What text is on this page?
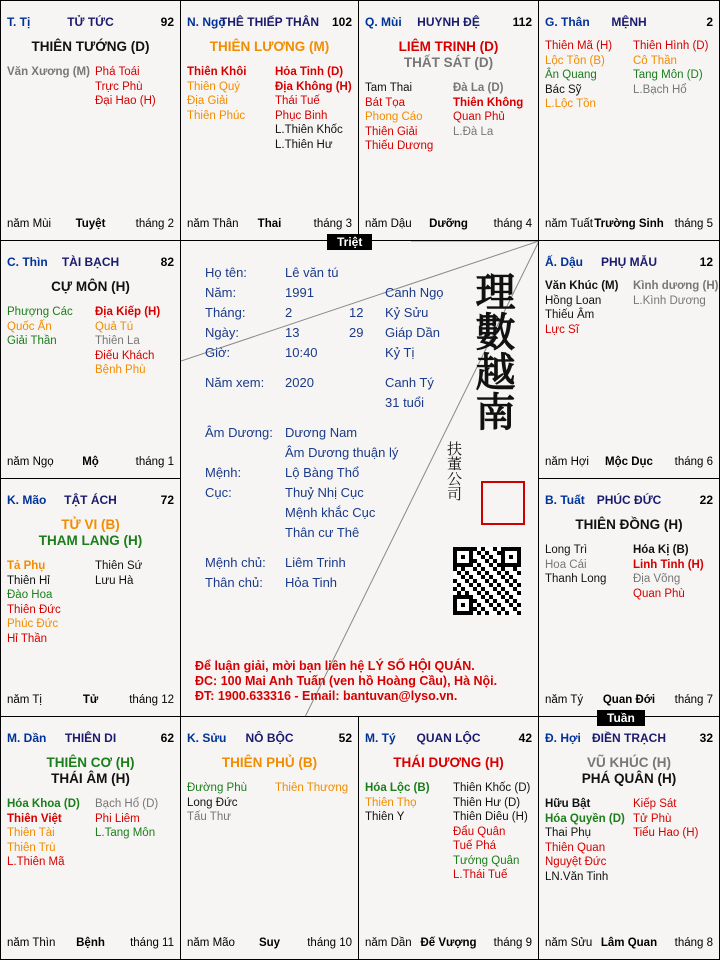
TỬ TỨC
T. Tị	92
THIÊN TƯỚNG (D)
Văn Xương (M) Phá Toái
Trực Phù
Đại Hao (H)
năm Mùi	Tuyệt	tháng 2
THÊ THIẾP THÂN
N. Ngọ	102
THIÊN LƯƠNG (M)
Thiên Khôi
Thiên Quý
Địa Giải
Thiên Phúc
Hỏa Tinh (D)
Địa Không (H)
Thái Tuế
Phục Binh
L.Thiên Khốc
L.Thiên Hư
năm Thân	Thai	tháng 3
HUYNH ĐỆ
Q. Mùi	112
LIÊM TRINH (D)
THẤT SÁT (D)
Tam Thai
Bát Tọa
Phong Cáo
Thiên Giải
Thiếu Dương
Đà La (D)
Thiên Không
Quan Phủ
L.Đà La
năm Dậu	Dưỡng	tháng 4
MỆNH
G. Thân	2
Thiên Mã (H)
Lộc Tồn (B)
Ân Quang
Bác Sỹ
L.Lộc Tồn
Thiên Hình (D)
Cô Thần
Tang Môn (D)
L.Bạch Hổ
năm Tuất Trường Sinh tháng 5
TÀI BẠCH
C. Thìn	82
CỰ MÔN (H)
Phượng Các
Quốc Ấn
Giải Thần
Địa Kiếp (H)
Quả Tú
Thiên La
Điếu Khách
Bệnh Phù
năm Ngọ	Mộ	tháng 1
PHỤ MẪU
Ấ. Dậu	12
Văn Khúc (M)
Hồng Loan
Thiếu Âm
Lực Sĩ
Kình dương (H)
L.Kình Dương
năm Hợi	Mộc Dục	tháng 6
TẬT ÁCH
K. Mão	72
TỬ VI (B)
THAM LANG (H)
Tả Phụ
Thiên Hỉ
Đào Hoa
Thiên Đức
Phúc Đức
Hỉ Thần
Thiên Sứ
Lưu Hà
năm Tị	Tử	tháng 12
PHÚC ĐỨC
B. Tuất	22
THIÊN ĐỒNG (H)
Long Trì
Hoa Cái
Thanh Long
Hóa Kị (B)
Linh Tinh (H)
Địa Võng
Quan Phù
năm Tý	Quan Đới	tháng 7
THIÊN DI
M. Dần	62
THIÊN CƠ (H)
THÁI ÂM (H)
Hóa Khoa (D)
Thiên Việt
Thiên Tài
Thiên Trù
L.Thiên Mã
Bạch Hổ (D)
Phi Liêm
L.Tang Môn
năm Thìn	Bệnh	tháng 11
NÔ BỘC
K. Sửu	52
THIÊN PHỦ (B)
Đường Phù
Long Đức
Tấu Thư
Thiên Thương
năm Mão	Suy	tháng 10
QUAN LỘC
M. Tý	42
THÁI DƯƠNG (H)
Hóa Lộc (B)
Thiên Thọ
Thiên Y
Thiên Khốc (D)
Thiên Hư (D)
Thiên Diêu (H)
Đẩu Quân
Tuế Phá
Tướng Quân
L.Thái Tuế
năm Dần Đế Vượng	tháng 9
ĐIỀN TRẠCH
Đ. Hợi	32
VŨ KHÚC (H)
PHÁ QUÂN (H)
Hữu Bật
Hóa Quyền (D)
Thai Phụ
Thiên Quan
Nguyệt Đức
LN.Văn Tinh
Kiếp Sát
Tử Phù
Tiểu Hao (H)
năm Sửu Lâm Quan	tháng 8
Họ tên:	Lê văn tú
Năm:	1991	Canh Ngọ
Tháng:	2	12 Kỷ Sửu
Ngày:	13	29 Giáp Dần
Giờ:	10:40	Kỷ Tị
Năm xem: 2020	Canh Tý
31 tuổi
Âm Dương: Dương Nam
Âm Dương thuận lý
Mệnh:	Lộ Bàng Thổ
Cục:	Thuỷ Nhị Cục
Mệnh khắc Cục
Thân cư Thê
Mệnh chủ: Liêm Trinh
Thân chủ: Hỏa Tinh
理數越南
扶董公司
Để luận giải, mời bạn liên hệ LÝ SỐ HỘI QUÁN.
ĐC: 100 Mai Anh Tuấn (ven hồ Hoàng Cầu), Hà Nội.
ĐT: 1900.633316 - Email: bantuvan@lyso.vn.
Triệt
Tuần
